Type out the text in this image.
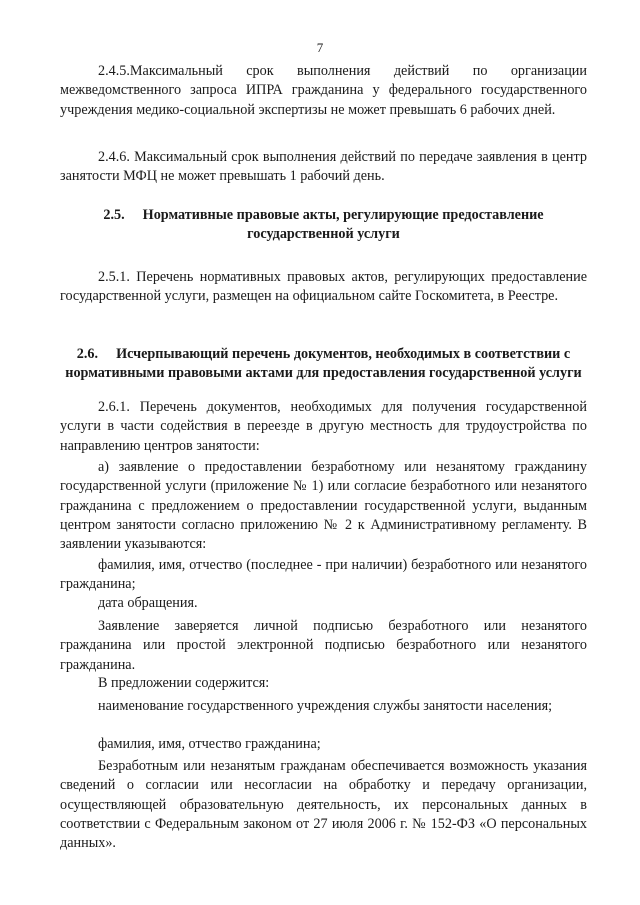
7

2.4.5.Максимальный срок выполнения действий по организации межведомственного запроса ИПРА гражданина у федерального государственного учреждения медико-социальной экспертизы не может превышать 6 рабочих дней.

2.4.6. Максимальный срок выполнения действий по передаче заявления в центр занятости МФЦ не может превышать 1 рабочий день.

2.5. Нормативные правовые акты, регулирующие предоставление государственной услуги

2.5.1. Перечень нормативных правовых актов, регулирующих предоставление государственной услуги, размещен на официальном сайте Госкомитета, в Реестре.

2.6. Исчерпывающий перечень документов, необходимых в соответствии с нормативными правовыми актами для предоставления государственной услуги

2.6.1. Перечень документов, необходимых для получения государственной услуги в части содействия в переезде в другую местность для трудоустройства по направлению центров занятости:

а) заявление о предоставлении безработному или незанятому гражданину государственной услуги (приложение № 1) или согласие безработного или незанятого гражданина с предложением о предоставлении государственной услуги, выданным центром занятости согласно приложению № 2 к Административному регламенту. В заявлении указываются:

фамилия, имя, отчество (последнее - при наличии) безработного или незанятого гражданина;

дата обращения.

Заявление заверяется личной подписью безработного или незанятого гражданина или простой электронной подписью безработного или незанятого гражданина.

В предложении содержится:

наименование государственного учреждения службы занятости населения;

фамилия, имя, отчество гражданина;

Безработным или незанятым гражданам обеспечивается возможность указания сведений о согласии или несогласии на обработку и передачу организации, осуществляющей образовательную деятельность, их персональных данных в соответствии с Федеральным законом от 27 июля 2006 г. № 152-ФЗ «О персональных данных».
